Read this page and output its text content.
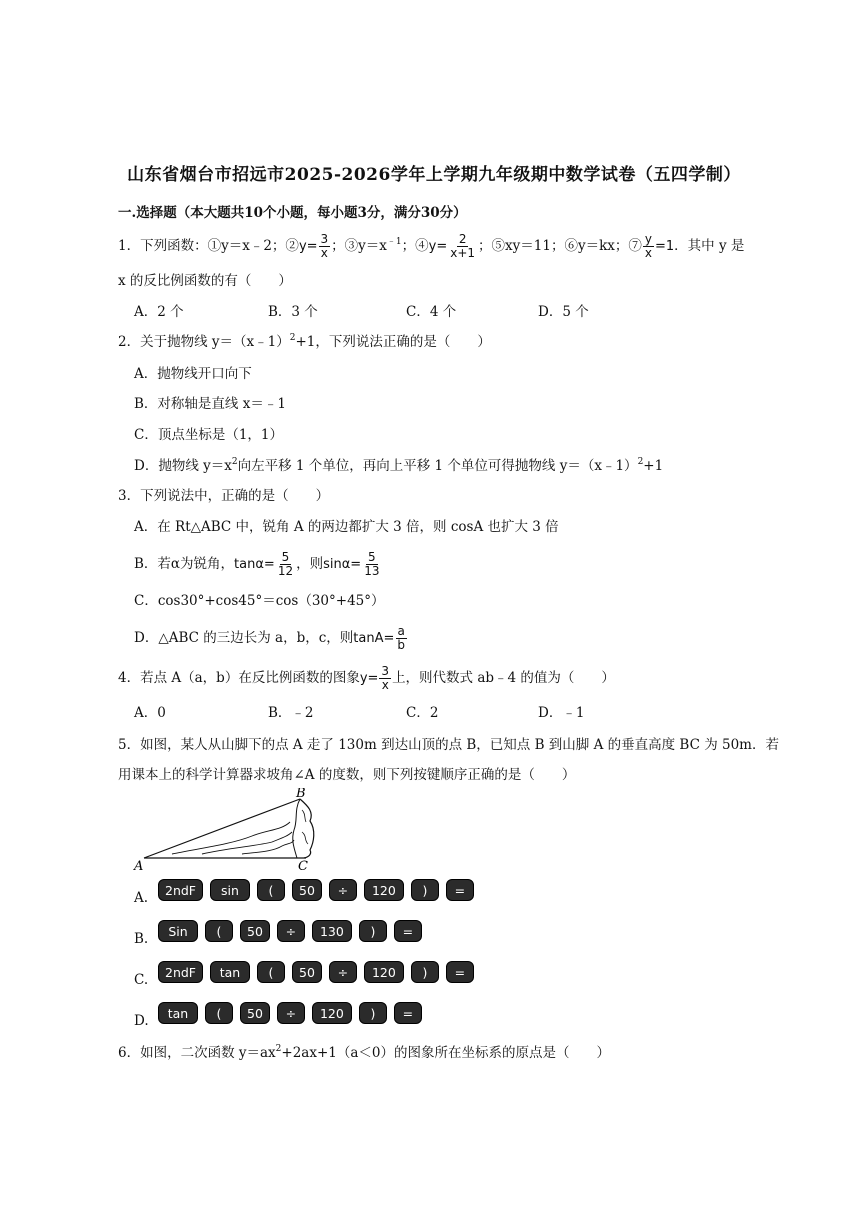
山东省烟台市招远市2025-2026学年上学期九年级期中数学试卷（五四学制）
一.选择题（本大题共10个小题，每小题3分，满分30分）
1．下列函数：①y＝x﹣2；②y= $\frac{3}{x}$ ；$③y=x^{﹣1}$；④y= $\frac{2}{x+1}$ ；⑤xy＝11；⑥y＝kx；⑦ $\frac{y}{x} =1$．其中 y 是
x 的反比例函数的有（　　）
A．2 个	B．3 个	C．4 个	D．5 个
2．关于抛物线 y＝（x﹣1）$^2$+1，下列说法正确的是（　　）
A．抛物线开口向下
B．对称轴是直线 x＝﹣1
C．顶点坐标是（1，1）
D．抛物线 $y=x^2$向左平移 1 个单位，再向上平移 1 个单位可得抛物线 y＝（x﹣1）$^2$+1
3．下列说法中，正确的是（　　）
A．在 Rt△ABC 中，锐角 A 的两边都扩大 3 倍，则 cosA 也扩大 3 倍
B．若α为锐角，$\tan\alpha= \frac{5}{12}$ ，则$\sin\alpha= \frac{5}{13}$
C．cos30°+cos45°＝cos（30°+45°）
D．△ABC 的三边长为 a，b，c，则$\tan A= \frac{a}{b}$
4．若点 A（a，b）在反比例函数的图象$y= \frac{3}{x}$ 上，则代数式 ab﹣4 的值为（　　）
A．0	B．﹣2	C．2	D．﹣1
5．如图，某人从山脚下的点 A 走了 130m 到达山顶的点 B，已知点 B 到山脚 A 的垂直高度 BC 为 50m．若
用课本上的科学计算器求坡角∠A 的度数，则下列按键顺序正确的是（　　）
A
B
C
A.	2ndF	sin	(	50	÷	120	)	=
B.	Sin	(	50	÷	130	)	=
C.	2ndF	tan	(	50	÷	120	)	=
D.	tan	(	50	÷	120	)	=
6．如图，二次函数 $y=ax^2+2ax+1(a<0)$的图象所在坐标系的原点是（　　）
